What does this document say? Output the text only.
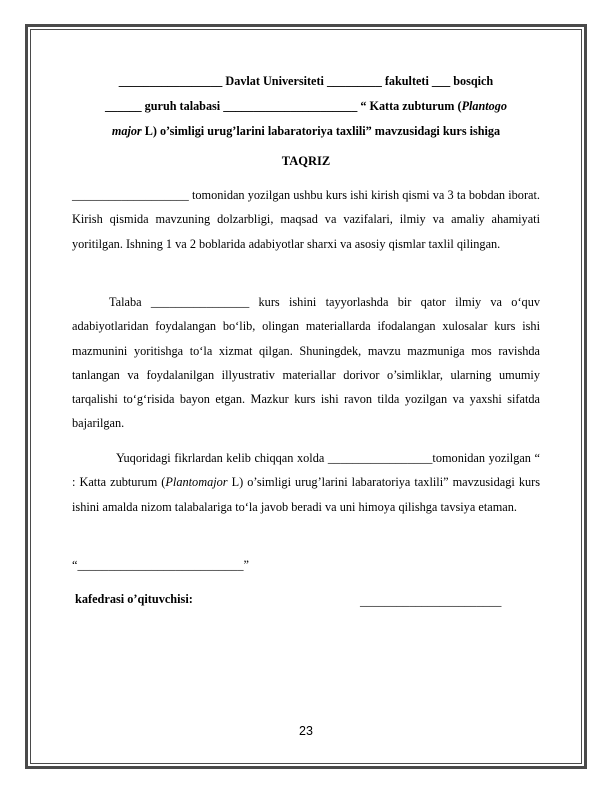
_________________ Davlat Universiteti _________ fakulteti ___ bosqich
______ guruh talabasi ______________________ “ Katta zubturum (Plantogo
major L) o’simligi urug’larini labaratoriya taxlili” mavzusidagi kurs ishiga
TAQRIZ
___________________ tomonidan yozilgan ushbu kurs ishi kirish qismi va 3 ta bobdan iborat. Kirish qismida mavzuning dolzarbligi, maqsad va vazifalari, ilmiy va amaliy ahamiyati yoritilgan. Ishning 1 va 2 boblarida adabiyotlar sharxi va asosiy qismlar taxlil qilingan.
Talaba ________________ kurs ishini tayyorlashda bir qator ilmiy va o‘quv adabiyotlaridan foydalangan bo‘lib, olingan materiallarda ifodalangan xulosalar kurs ishi mazmunini yoritishga to‘la xizmat qilgan. Shuningdek, mavzu mazmuniga mos ravishda tanlangan va foydalanilgan illyustrativ materiallar dorivor o’simliklar, ularning umumiy tarqalishi to‘g‘risida bayon etgan. Mazkur kurs ishi ravon tilda yozilgan va yaxshi sifatda bajarilgan.
Yuqoridagi fikrlardan kelib chiqqan xolda _________________tomonidan yozilgan “ : Katta zubturum (Plantomajor L) o’simligi urug’larini labaratoriya taxlili” mavzusidagi kurs ishini amalda nizom talabalariga to‘la javob beradi va uni himoya qilishga tavsiya etaman.
“___________________________”
kafedrasi o’qituvchisi:	_______________________
23
